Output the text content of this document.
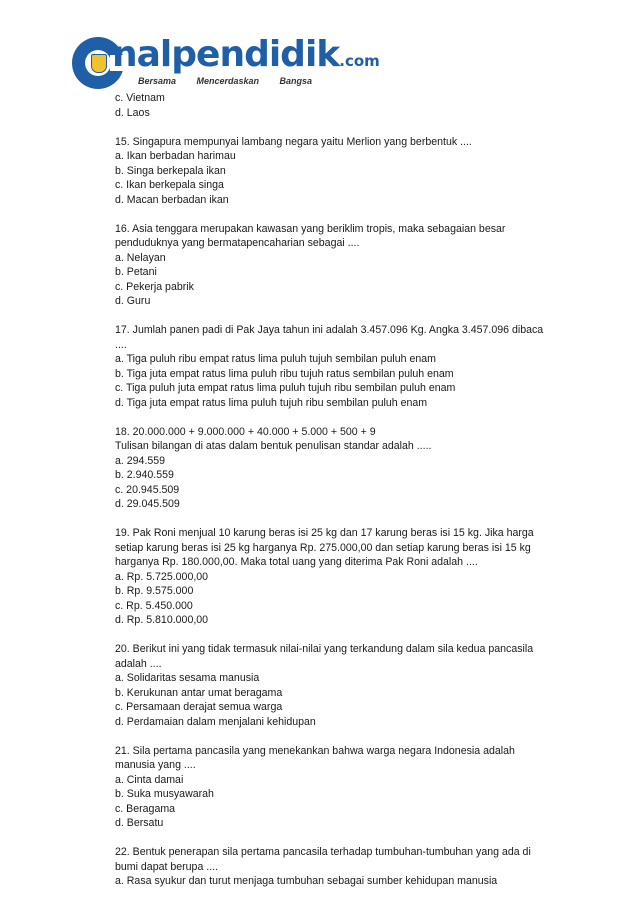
nalpendidik.com
Bersama Mencerdaskan Bangsa
c. Vietnam
d. Laos
15. Singapura mempunyai lambang negara yaitu Merlion yang berbentuk ....
a. Ikan berbadan harimau
b. Singa berkepala ikan
c. Ikan berkepala singa
d. Macan berbadan ikan
16. Asia tenggara merupakan kawasan yang beriklim tropis, maka sebagaian besar
penduduknya yang bermatapencaharian sebagai ....
a. Nelayan
b. Petani
c. Pekerja pabrik
d. Guru
17. Jumlah panen padi di Pak Jaya tahun ini adalah 3.457.096 Kg. Angka 3.457.096 dibaca
....
a. Tiga puluh ribu empat ratus lima puluh tujuh sembilan puluh enam
b. Tiga juta empat ratus lima puluh ribu tujuh ratus sembilan puluh enam
c. Tiga puluh juta empat ratus lima puluh tujuh ribu sembilan puluh enam
d. Tiga juta empat ratus lima puluh tujuh ribu sembilan puluh enam
18. 20.000.000 + 9.000.000 + 40.000 + 5.000 + 500 + 9
Tulisan bilangan di atas dalam bentuk penulisan standar adalah .....
a. 294.559
b. 2.940.559
c. 20.945.509
d. 29.045.509
19. Pak Roni menjual 10 karung beras isi 25 kg dan 17 karung beras isi 15 kg. Jika harga
setiap karung beras isi 25 kg harganya Rp. 275.000,00 dan setiap karung beras isi 15 kg
harganya Rp. 180.000,00. Maka total uang yang diterima Pak Roni adalah ....
a. Rp. 5.725.000,00
b. Rp. 9.575.000
c. Rp. 5.450.000
d. Rp. 5.810.000,00
20. Berikut ini yang tidak termasuk nilai-nilai yang terkandung dalam sila kedua pancasila
adalah ....
a. Solidaritas sesama manusia
b. Kerukunan antar umat beragama
c. Persamaan derajat semua warga
d. Perdamaian dalam menjalani kehidupan
21. Sila pertama pancasila yang menekankan bahwa warga negara Indonesia adalah
manusia yang ....
a. Cinta damai
b. Suka musyawarah
c. Beragama
d. Bersatu
22. Bentuk penerapan sila pertama pancasila terhadap tumbuhan-tumbuhan yang ada di
bumi dapat berupa ....
a. Rasa syukur dan turut menjaga tumbuhan sebagai sumber kehidupan manusia
